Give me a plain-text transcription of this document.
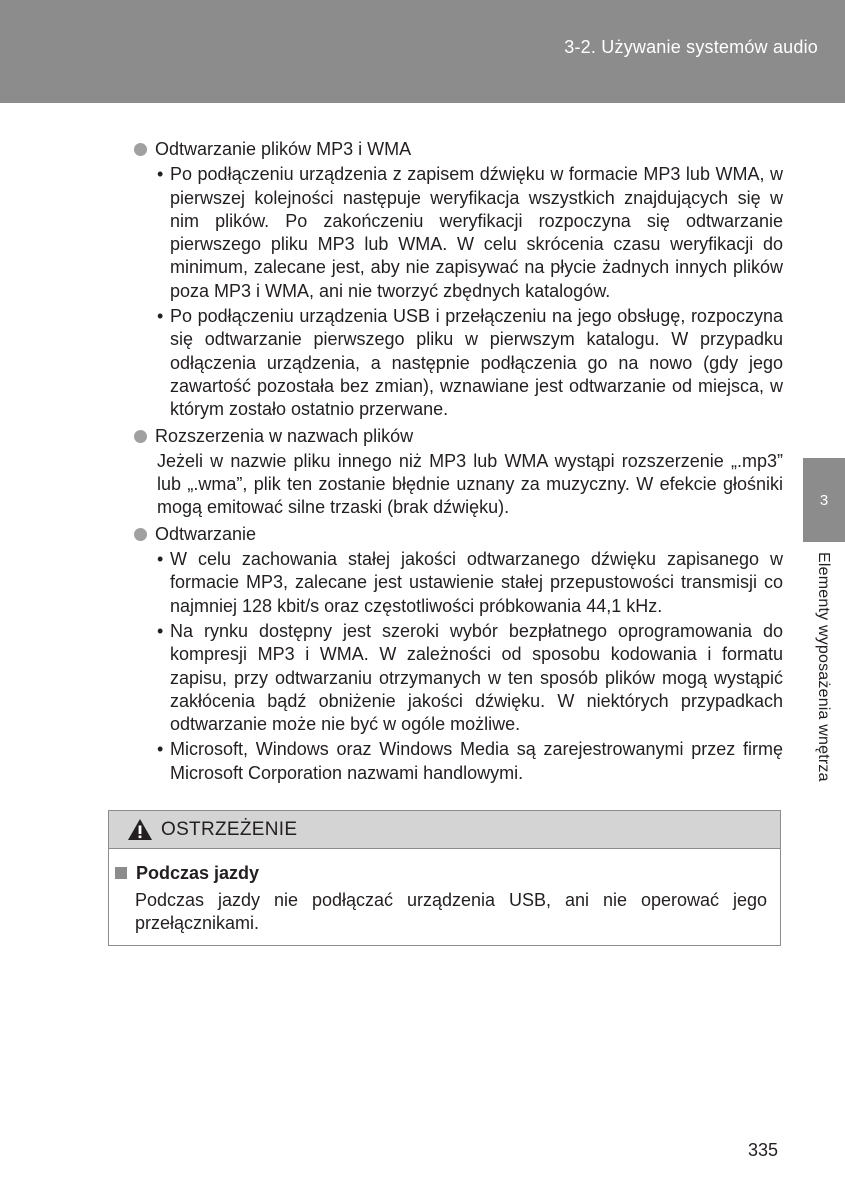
3-2. Używanie systemów audio
3
Elementy wyposażenia wnętrza
Odtwarzanie plików MP3 i WMA
• Po podłączeniu urządzenia z zapisem dźwięku w formacie MP3 lub WMA, w pierwszej kolejności następuje weryfikacja wszystkich znajdujących się w nim plików. Po zakończeniu weryfikacji rozpoczyna się odtwarzanie pierwszego pliku MP3 lub WMA. W celu skrócenia czasu weryfikacji do minimum, zalecane jest, aby nie zapisywać na płycie żadnych innych plików poza MP3 i WMA, ani nie tworzyć zbędnych katalogów.
• Po podłączeniu urządzenia USB i przełączeniu na jego obsługę, rozpoczyna się odtwarzanie pierwszego pliku w pierwszym katalogu. W przypadku odłączenia urządzenia, a następnie podłączenia go na nowo (gdy jego zawartość pozostała bez zmian), wznawiane jest odtwarzanie od miejsca, w którym zostało ostatnio przerwane.
Rozszerzenia w nazwach plików
Jeżeli w nazwie pliku innego niż MP3 lub WMA wystąpi rozszerzenie „.mp3” lub „.wma”, plik ten zostanie błędnie uznany za muzyczny. W efekcie głośniki mogą emitować silne trzaski (brak dźwięku).
Odtwarzanie
• W celu zachowania stałej jakości odtwarzanego dźwięku zapisanego w formacie MP3, zalecane jest ustawienie stałej przepustowości transmisji co najmniej 128 kbit/s oraz częstotliwości próbkowania 44,1 kHz.
• Na rynku dostępny jest szeroki wybór bezpłatnego oprogramowania do kompresji MP3 i WMA. W zależności od sposobu kodowania i formatu zapisu, przy odtwarzaniu otrzymanych w ten sposób plików mogą wystąpić zakłócenia bądź obniżenie jakości dźwięku. W niektórych przypadkach odtwarzanie może nie być w ogóle możliwe.
• Microsoft, Windows oraz Windows Media są zarejestrowanymi przez firmę Microsoft Corporation nazwami handlowymi.
OSTRZEŻENIE
Podczas jazdy
Podczas jazdy nie podłączać urządzenia USB, ani nie operować jego przełącznikami.
335
